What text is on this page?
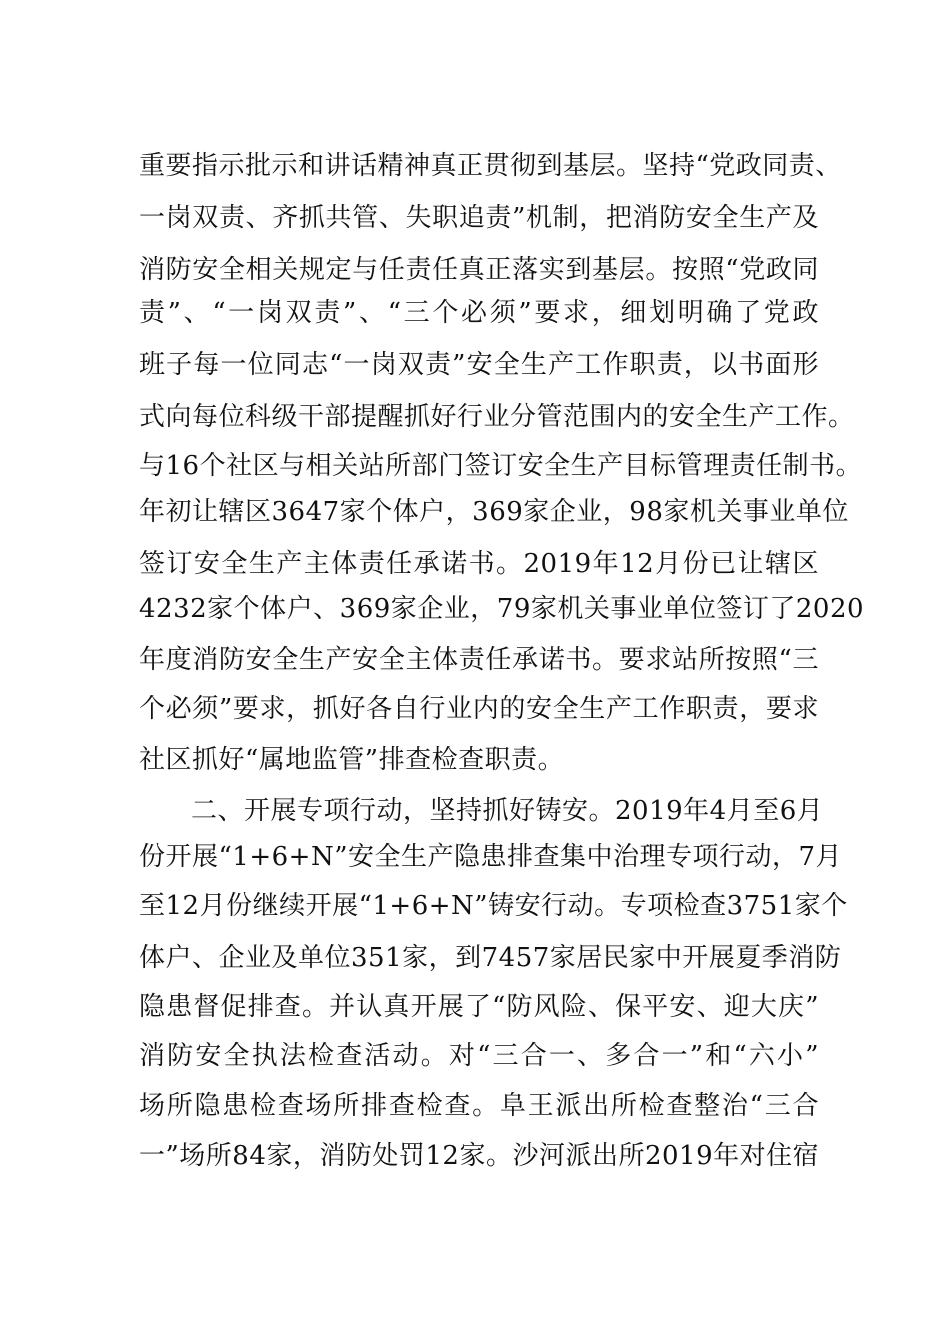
重要指示批示和讲话精神真正贯彻到基层。坚持“党政同责、
一岗双责、齐抓共管、失职追责”机制，把消防安全生产及
消防安全相关规定与任责任真正落实到基层。按照“党政同
责”、“一岗双责”、“三个必须”要求，细划明确了党政
班子每一位同志“一岗双责”安全生产工作职责，以书面形
式向每位科级干部提醒抓好行业分管范围内的安全生产工作。
与16个社区与相关站所部门签订安全生产目标管理责任制书。
年初让辖区3647家个体户，369家企业，98家机关事业单位
签订安全生产主体责任承诺书。2019年12月份已让辖区
4232家个体户、369家企业，79家机关事业单位签订了2020
年度消防安全生产安全主体责任承诺书。要求站所按照“三
个必须”要求，抓好各自行业内的安全生产工作职责，要求
社区抓好“属地监管”排查检查职责。
二、开展专项行动，坚持抓好铸安。2019年4月至6月
份开展“1+6+N”安全生产隐患排查集中治理专项行动，7月
至12月份继续开展“1+6+N”铸安行动。专项检查3751家个
体户、企业及单位351家，到7457家居民家中开展夏季消防
隐患督促排查。并认真开展了“防风险、保平安、迎大庆”
消防安全执法检查活动。对“三合一、多合一”和“六小”
场所隐患检查场所排查检查。阜王派出所检查整治“三合
一”场所84家，消防处罚12家。沙河派出所2019年对住宿
